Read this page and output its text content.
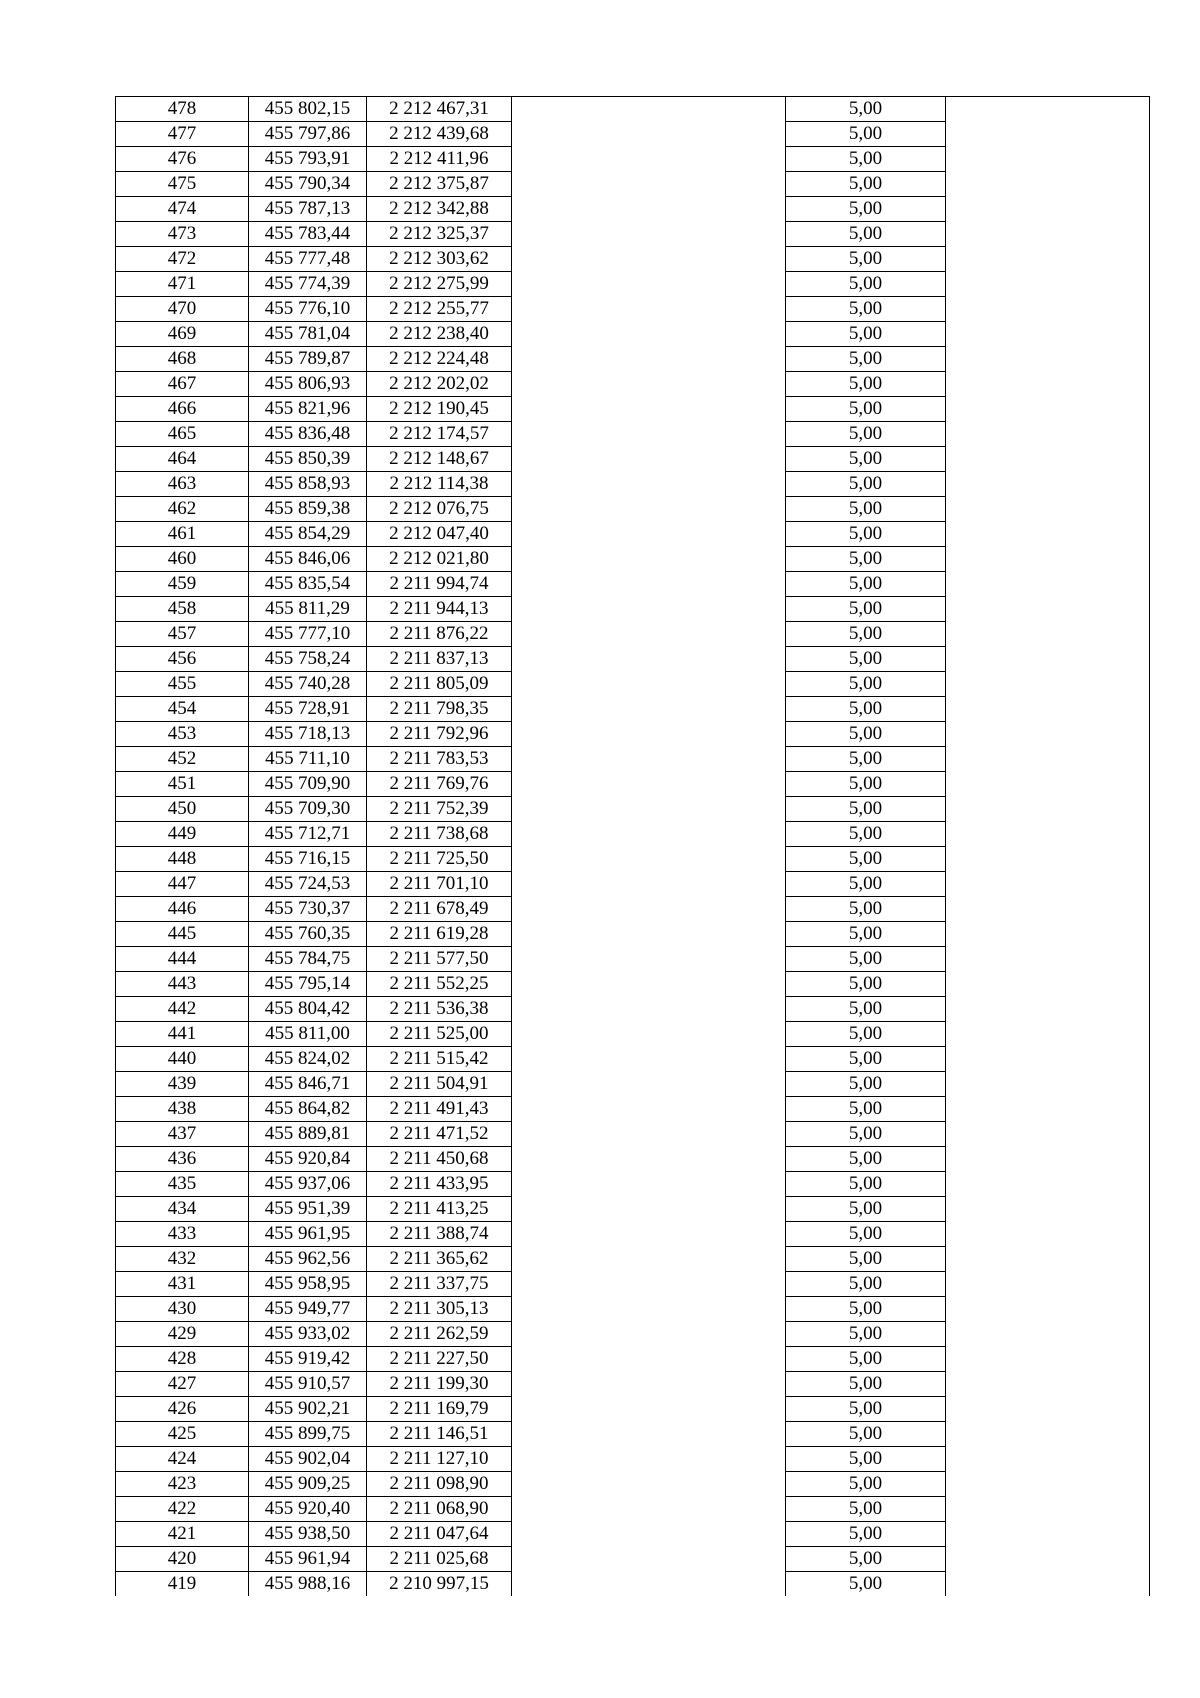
478	455 802,15	2 212 467,31		5,00	
477	455 797,86	2 212 439,68		5,00	
476	455 793,91	2 212 411,96		5,00	
475	455 790,34	2 212 375,87		5,00	
474	455 787,13	2 212 342,88		5,00	
473	455 783,44	2 212 325,37		5,00	
472	455 777,48	2 212 303,62		5,00	
471	455 774,39	2 212 275,99		5,00	
470	455 776,10	2 212 255,77		5,00	
469	455 781,04	2 212 238,40		5,00	
468	455 789,87	2 212 224,48		5,00	
467	455 806,93	2 212 202,02		5,00	
466	455 821,96	2 212 190,45		5,00	
465	455 836,48	2 212 174,57		5,00	
464	455 850,39	2 212 148,67		5,00	
463	455 858,93	2 212 114,38		5,00	
462	455 859,38	2 212 076,75		5,00	
461	455 854,29	2 212 047,40		5,00	
460	455 846,06	2 212 021,80		5,00	
459	455 835,54	2 211 994,74		5,00	
458	455 811,29	2 211 944,13		5,00	
457	455 777,10	2 211 876,22		5,00	
456	455 758,24	2 211 837,13		5,00	
455	455 740,28	2 211 805,09		5,00	
454	455 728,91	2 211 798,35		5,00	
453	455 718,13	2 211 792,96		5,00	
452	455 711,10	2 211 783,53		5,00	
451	455 709,90	2 211 769,76		5,00	
450	455 709,30	2 211 752,39		5,00	
449	455 712,71	2 211 738,68		5,00	
448	455 716,15	2 211 725,50		5,00	
447	455 724,53	2 211 701,10		5,00	
446	455 730,37	2 211 678,49		5,00	
445	455 760,35	2 211 619,28		5,00	
444	455 784,75	2 211 577,50		5,00	
443	455 795,14	2 211 552,25		5,00	
442	455 804,42	2 211 536,38		5,00	
441	455 811,00	2 211 525,00		5,00	
440	455 824,02	2 211 515,42		5,00	
439	455 846,71	2 211 504,91		5,00	
438	455 864,82	2 211 491,43		5,00	
437	455 889,81	2 211 471,52		5,00	
436	455 920,84	2 211 450,68		5,00	
435	455 937,06	2 211 433,95		5,00	
434	455 951,39	2 211 413,25		5,00	
433	455 961,95	2 211 388,74		5,00	
432	455 962,56	2 211 365,62		5,00	
431	455 958,95	2 211 337,75		5,00	
430	455 949,77	2 211 305,13		5,00	
429	455 933,02	2 211 262,59		5,00	
428	455 919,42	2 211 227,50		5,00	
427	455 910,57	2 211 199,30		5,00	
426	455 902,21	2 211 169,79		5,00	
425	455 899,75	2 211 146,51		5,00	
424	455 902,04	2 211 127,10		5,00	
423	455 909,25	2 211 098,90		5,00	
422	455 920,40	2 211 068,90		5,00	
421	455 938,50	2 211 047,64		5,00	
420	455 961,94	2 211 025,68		5,00	
419	455 988,16	2 210 997,15		5,00	
